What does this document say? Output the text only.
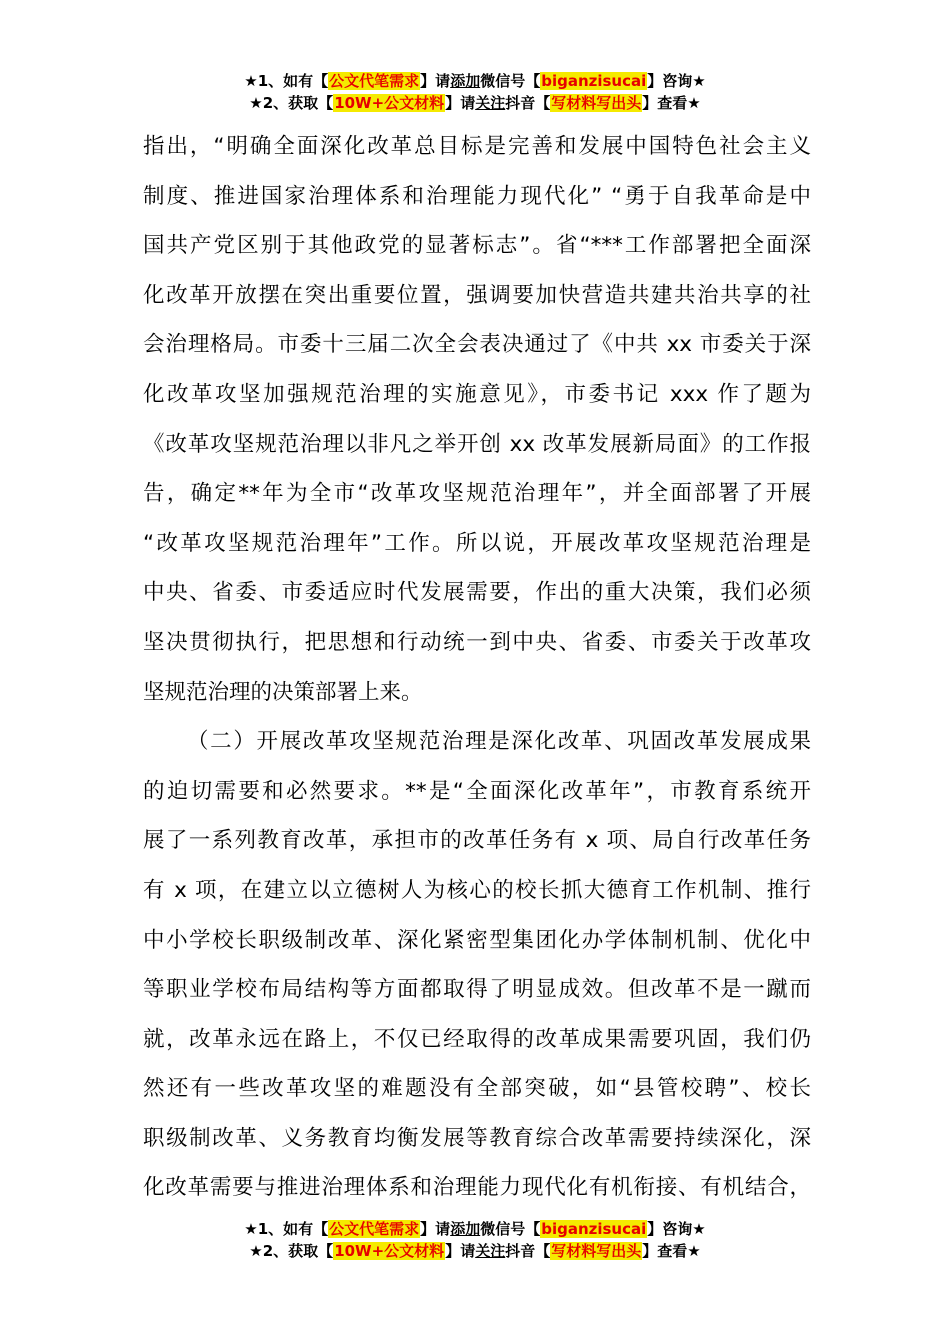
★1、如有【公文代笔需求】请添加微信号【biganzisucai】咨询★
★2、获取【10W+公文材料】请关注抖音【写材料写出头】查看★
指出，“明确全面深化改革总目标是完善和发展中国特色社会主义
制度、推进国家治理体系和治理能力现代化” “勇于自我革命是中
国共产党区别于其他政党的显著标志”。省“***工作部署把全面深
化改革开放摆在突出重要位置，强调要加快营造共建共治共享的社
会治理格局。市委十三届二次全会表决通过了《中共 xx 市委关于深
化改革攻坚加强规范治理的实施意见》，市委书记 xxx 作了题为
《改革攻坚规范治理以非凡之举开创 xx 改革发展新局面》的工作报
告，确定**年为全市“改革攻坚规范治理年”，并全面部署了开展
“改革攻坚规范治理年”工作。所以说，开展改革攻坚规范治理是
中央、省委、市委适应时代发展需要，作出的重大决策，我们必须
坚决贯彻执行，把思想和行动统一到中央、省委、市委关于改革攻
坚规范治理的决策部署上来。
（二）开展改革攻坚规范治理是深化改革、巩固改革发展成果
的迫切需要和必然要求。**是“全面深化改革年”，市教育系统开
展了一系列教育改革，承担市的改革任务有 x 项、局自行改革任务
有 x 项，在建立以立德树人为核心的校长抓大德育工作机制、推行
中小学校长职级制改革、深化紧密型集团化办学体制机制、优化中
等职业学校布局结构等方面都取得了明显成效。但改革不是一蹴而
就，改革永远在路上，不仅已经取得的改革成果需要巩固，我们仍
然还有一些改革攻坚的难题没有全部突破，如“县管校聘”、校长
职级制改革、义务教育均衡发展等教育综合改革需要持续深化，深
化改革需要与推进治理体系和治理能力现代化有机衔接、有机结合，
★1、如有【公文代笔需求】请添加微信号【biganzisucai】咨询★
★2、获取【10W+公文材料】请关注抖音【写材料写出头】查看★
